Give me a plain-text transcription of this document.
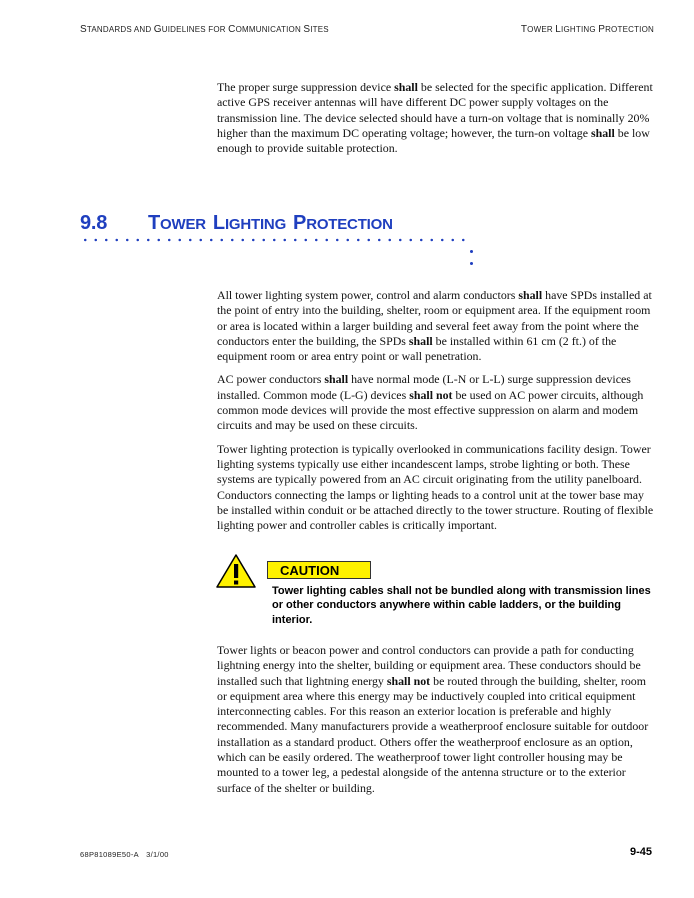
STANDARDS AND GUIDELINES FOR COMMUNICATION SITES	TOWER LIGHTING PROTECTION

The proper surge suppression device shall be selected for the specific application. Different active GPS receiver antennas will have different DC power supply voltages on the transmission line. The device selected should have a turn-on voltage that is nominally 20% higher than the maximum DC operating voltage; however, the turn-on voltage shall be low enough to provide suitable protection.

9.8 TOWER LIGHTING PROTECTION

All tower lighting system power, control and alarm conductors shall have SPDs installed at the point of entry into the building, shelter, room or equipment area. If the equipment room or area is located within a larger building and several feet away from the point where the conductors enter the building, the SPDs shall be installed within 61 cm (2 ft.) of the equipment room or area entry point or wall penetration.

AC power conductors shall have normal mode (L-N or L-L) surge suppression devices installed. Common mode (L-G) devices shall not be used on AC power circuits, although common mode devices will provide the most effective suppression on alarm and modem circuits and may be used on these circuits.

Tower lighting protection is typically overlooked in communications facility design. Tower lighting systems typically use either incandescent lamps, strobe lighting or both. These systems are typically powered from an AC circuit originating from the utility panelboard. Conductors connecting the lamps or lighting heads to a control unit at the tower base may be installed within conduit or be attached directly to the tower structure. Routing of flexible lighting power and controller cables is critically important.

CAUTION
Tower lighting cables shall not be bundled along with transmission lines or other conductors anywhere within cable ladders, or the building interior.

Tower lights or beacon power and control conductors can provide a path for conducting lightning energy into the shelter, building or equipment area. These conductors should be installed such that lightning energy shall not be routed through the building, shelter, room or equipment area where this energy may be inductively coupled into critical equipment interconnecting cables. For this reason an exterior location is preferable and highly recommended. Many manufacturers provide a weatherproof enclosure suitable for outdoor installation as a standard product. Others offer the weatherproof enclosure as an option, which can be easily ordered. The weatherproof tower light controller housing may be mounted to a tower leg, a pedestal alongside of the antenna structure or to the exterior surface of the shelter or building.

68P81089E50-A 3/1/00	9-45
